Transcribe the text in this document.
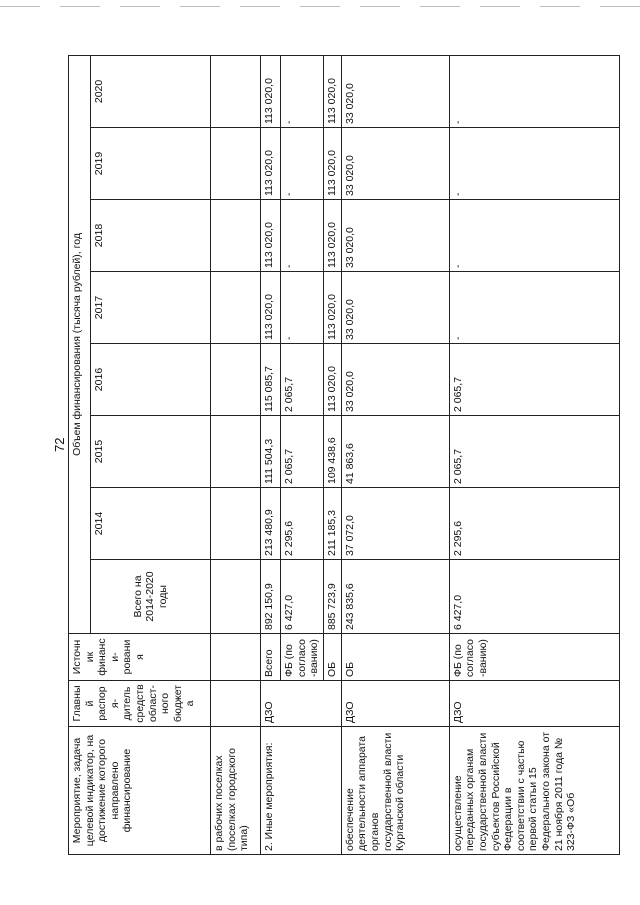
72
Мероприятие, задача целевой индикатор, на достижение которого направлено финансирование	Главный распоря-дитель средств област-ного бюджета	Источник финанси-рования	Объем финансирования (тысяча рублей), год							
			Всего на 2014-2020 годы	2014	2015	2016	2017	2018	2019	2020
в рабочих поселках (поселках городского типа)										
2. Иные мероприятия:	ДЗО	Всего	892 150,9	213 480,9	111 504,3	115 085,7	113 020,0	113 020,0	113 020,0	113 020,0
		ФБ (по согласо-ванию)	6 427,0	2 295,6	2 065,7	2 065,7	-	-	-	-
		ОБ	885 723,9	211 185,3	109 438,6	113 020,0	113 020,0	113 020,0	113 020,0	113 020,0
обеспечение деятельности аппарата органов государственной власти Курганской области	ДЗО	ОБ	243 835,6	37 072,0	41 863,6	33 020,0	33 020,0	33 020,0	33 020,0	33 020,0
осуществление переданных органам государственной власти субъектов Российской Федерации в соответствии с частью первой статьи 15 Федерального закона от 21 ноября 2011 года № 323-ФЗ «Об	ДЗО	ФБ (по согласо-ванию)	6 427,0	2 295,6	2 065,7	2 065,7	-	-	-	-
